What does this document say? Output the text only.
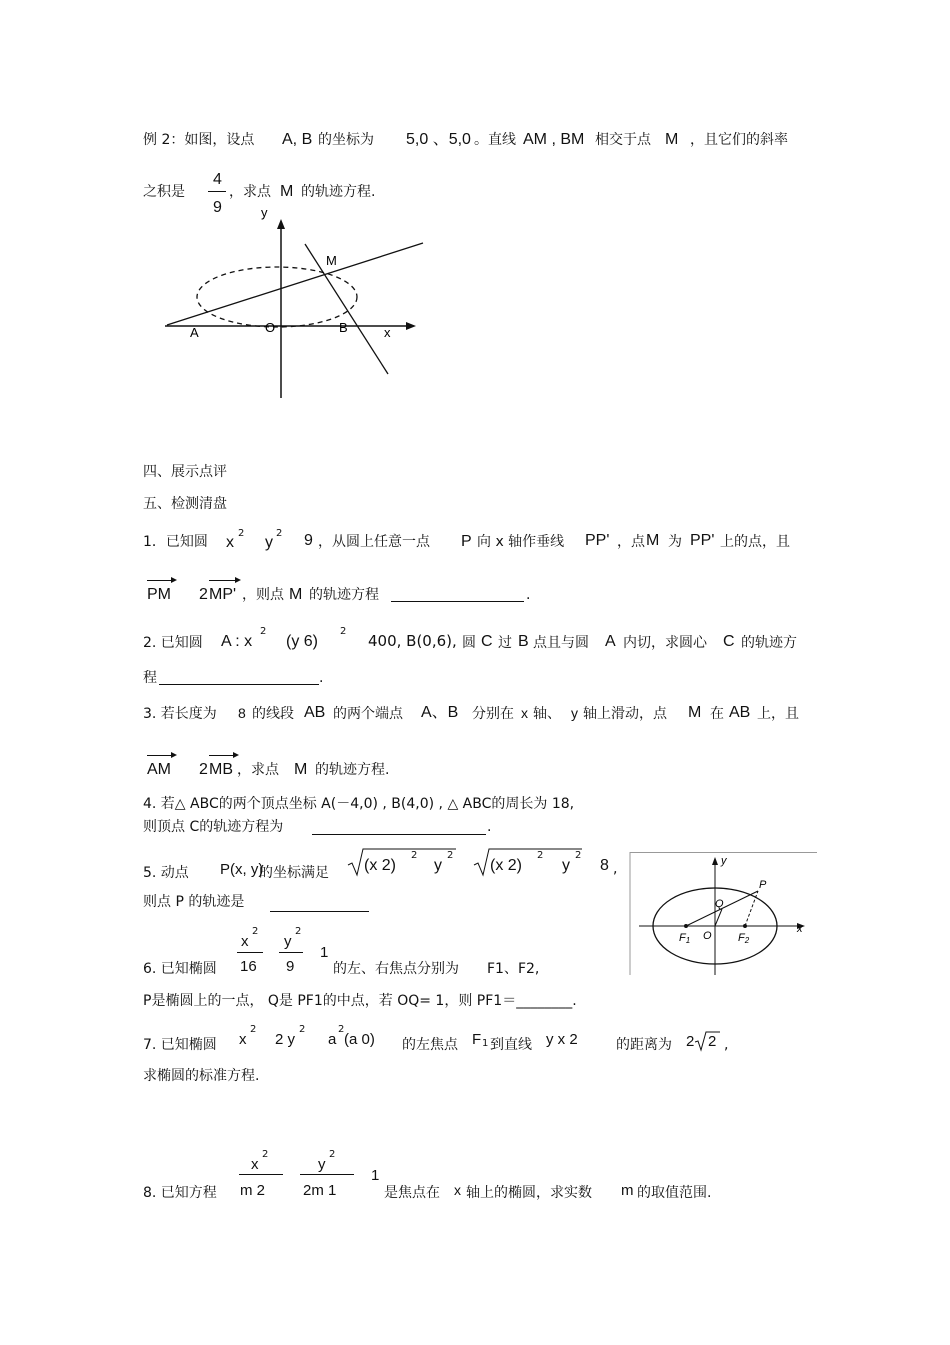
例 2：如图，设点 A, B 的坐标为 5,0 、5,0 。直线 AM , BM 相交于点 M ，且它们的斜率
之积是
4
9
，求点 M 的轨迹方程.
y
x
O
A	B
M
四、展示点评
五、检测清盘
1．已知圆 x
2
y
2 9 ，从圆上任意一点 P 向 x 轴作垂线 PP' ，点 M 为 PP' 上的点，且
PM 2 MP' ，则点 M 的轨迹方程	.
2. 已知圆 A : x
2
(y 6)
2
400, B(0,6), 圆 C 过 B 点且与圆 A 内切，求圆心 C 的轨迹方
程	.
3. 若长度为 8 的线段 AB 的两个端点 A、B 分别在 x 轴、 y 轴上滑动，点 M 在 AB 上，且
AM 2 MB ，求点 M 的轨迹方程.
4. 若△ ABC的两个顶点坐标 A(－4,0) , B(4,0) , △ ABC的周长为 18,
则顶点 C的轨迹方程为	.
5. 动点 P(x, y)
的坐标满足 (x 2)
2
y
2
(x 2)
2
y
2
8 ,
则点 P 的轨迹是
y
x
O
Q
P
F1	F2
6. 已知椭圆
x
2
16
y
2
9
1
的左、右焦点分别为 F1、F2,
P是椭圆上的一点， Q是 PF1的中点，若 OQ= 1，则 PF1＝________.
7. 已知椭圆 x
2
2 y
2
a
2
(a 0) 的左焦点 F 1 到直线 y x 2	的距离为 2 2 ,
求椭圆的标准方程.
8. 已知方程
x
2
m 2
y
2
2m 1
1
是焦点在 x 轴上的椭圆，求实数 m 的取值范围.
